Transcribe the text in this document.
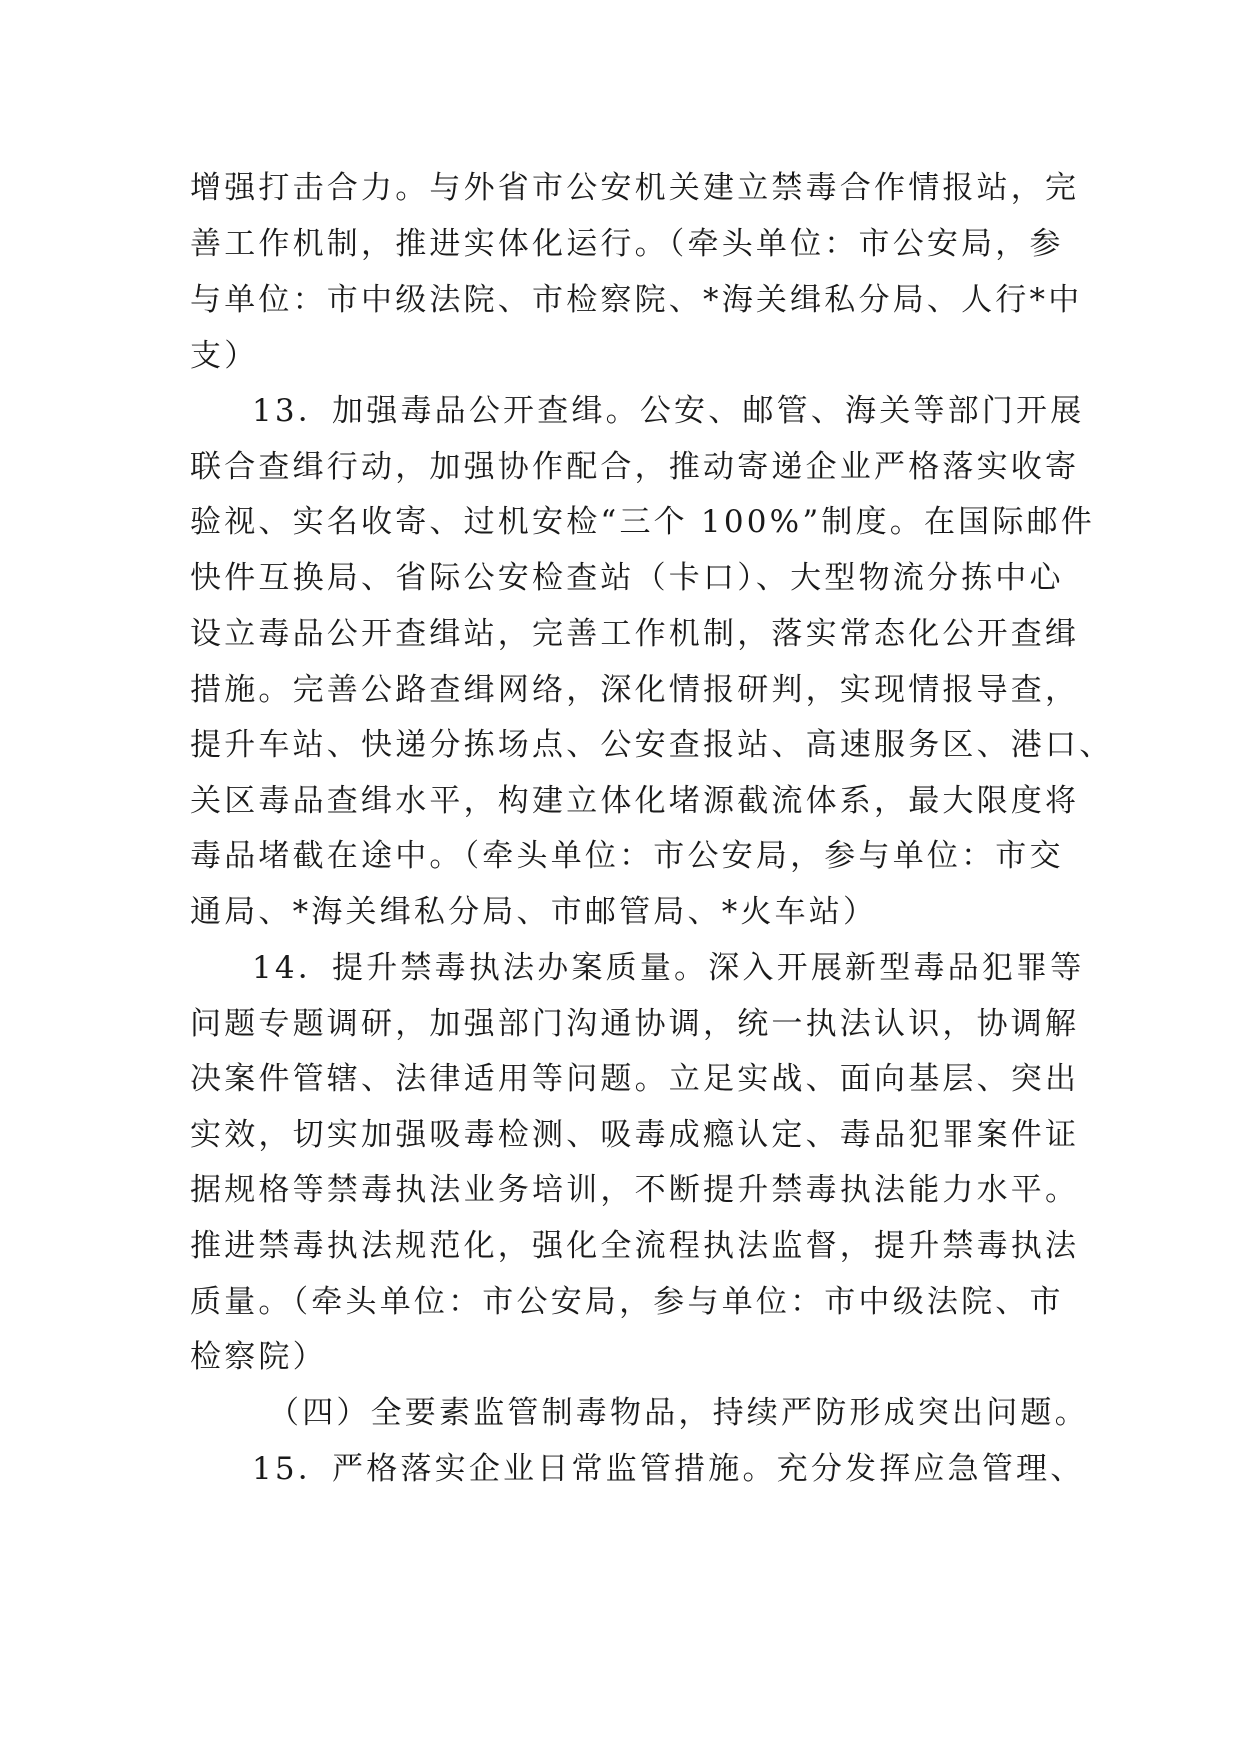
增强打击合力。与外省市公安机关建立禁毒合作情报站，完
善工作机制，推进实体化运行。（牵头单位：市公安局，参
与单位：市中级法院、市检察院、*海关缉私分局、人行*中
支）
13．加强毒品公开查缉。公安、邮管、海关等部门开展
联合查缉行动，加强协作配合，推动寄递企业严格落实收寄
验视、实名收寄、过机安检“三个 100%”制度。在国际邮件
快件互换局、省际公安检查站（卡口）、大型物流分拣中心
设立毒品公开查缉站，完善工作机制，落实常态化公开查缉
措施。完善公路查缉网络，深化情报研判，实现情报导查，
提升车站、快递分拣场点、公安查报站、高速服务区、港口、
关区毒品查缉水平，构建立体化堵源截流体系，最大限度将
毒品堵截在途中。（牵头单位：市公安局，参与单位：市交
通局、*海关缉私分局、市邮管局、*火车站）
14．提升禁毒执法办案质量。深入开展新型毒品犯罪等
问题专题调研，加强部门沟通协调，统一执法认识，协调解
决案件管辖、法律适用等问题。立足实战、面向基层、突出
实效，切实加强吸毒检测、吸毒成瘾认定、毒品犯罪案件证
据规格等禁毒执法业务培训，不断提升禁毒执法能力水平。
推进禁毒执法规范化，强化全流程执法监督，提升禁毒执法
质量。（牵头单位：市公安局，参与单位：市中级法院、市
检察院）
（四）全要素监管制毒物品，持续严防形成突出问题。
15．严格落实企业日常监管措施。充分发挥应急管理、
